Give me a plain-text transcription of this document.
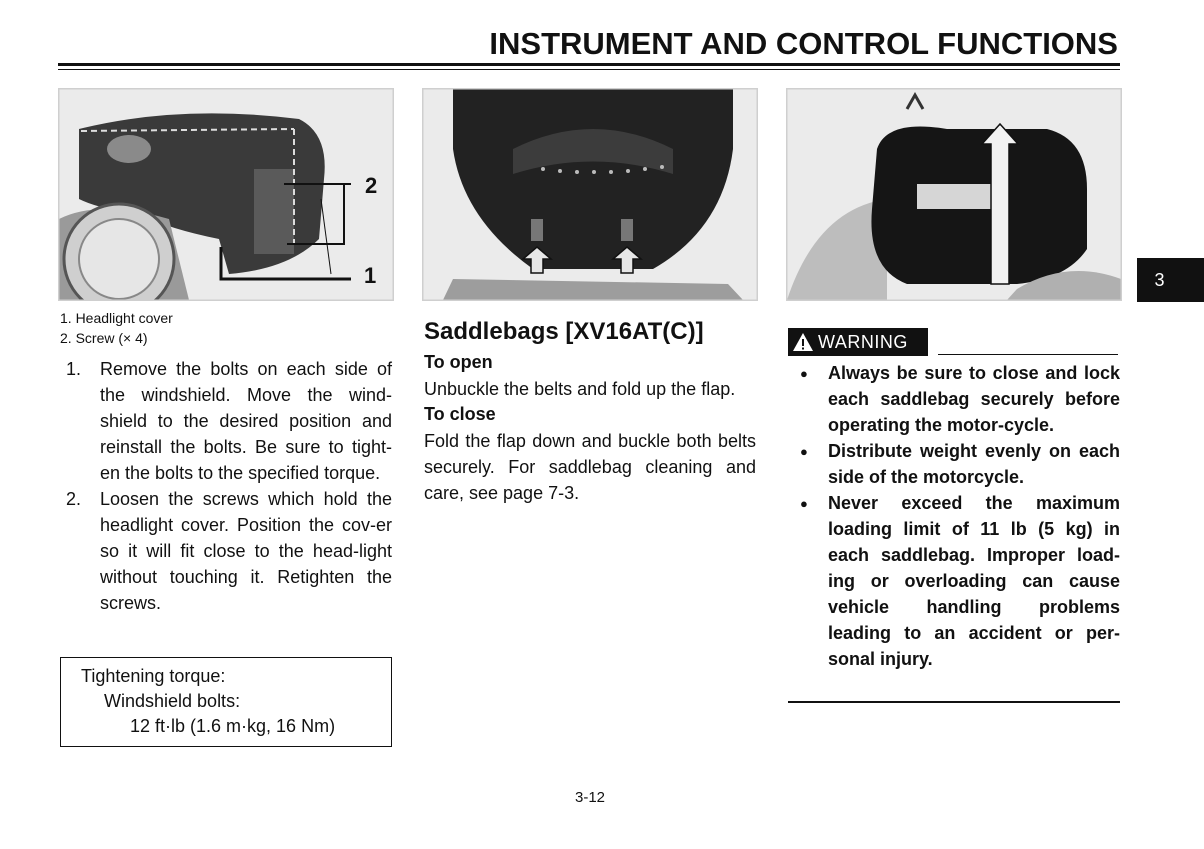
INSTRUMENT AND CONTROL FUNCTIONS
2
1
1. Headlight cover
2. Screw (× 4)
1.	Remove the bolts on each side of the windshield. Move the wind-shield to the desired position and reinstall the bolts. Be sure to tight-en the bolts to the specified torque.
2.	Loosen the screws which hold the headlight cover. Position the cov-er so it will fit close to the head-light without touching it. Retighten the screws.
Tightening torque:
Windshield bolts:
12 ft·lb (1.6 m·kg, 16 Nm)
Saddlebags [XV16AT(C)]
To open
Unbuckle the belts and fold up the flap.
To close
Fold the flap down and buckle both belts securely. For saddlebag cleaning and care, see page 7-3.
WARNING
●	Always be sure to close and lock each saddlebag securely before operating the motor-cycle.
●	Distribute weight evenly on each side of the motorcycle.
●	Never exceed the maximum loading limit of 11 lb (5 kg) in each saddlebag. Improper load-ing or overloading can cause vehicle handling problems leading to an accident or per-sonal injury.
3-12
3
